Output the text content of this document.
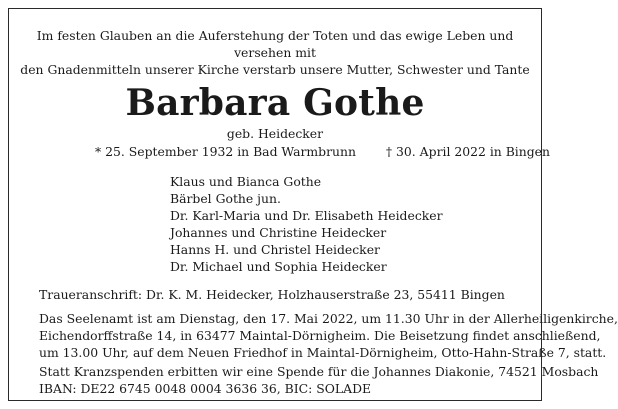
Im festen Glauben an die Auferstehung der Toten und das ewige Leben und versehen mit
den Gnadenmitteln unserer Kirche verstarb unsere Mutter, Schwester und Tante
Barbara Gothe
geb. Heidecker
* 25. September 1932 in Bad Warmbrunn † 30. April 2022 in Bingen
Klaus und Bianca Gothe
Bärbel Gothe jun.
Dr. Karl-Maria und Dr. Elisabeth Heidecker
Johannes und Christine Heidecker
Hanns H. und Christel Heidecker
Dr. Michael und Sophia Heidecker
Traueranschrift: Dr. K. M. Heidecker, Holzhauserstraße 23, 55411 Bingen
Das Seelenamt ist am Dienstag, den 17. Mai 2022, um 11.30 Uhr in der Allerheiligenkirche,
Eichendorffstraße 14, in 63477 Maintal-Dörnigheim. Die Beisetzung findet anschließend,
um 13.00 Uhr, auf dem Neuen Friedhof in Maintal-Dörnigheim, Otto-Hahn-Straße 7, statt.
Statt Kranzspenden erbitten wir eine Spende für die Johannes Diakonie, 74521 Mosbach
IBAN: DE22 6745 0048 0004 3636 36, BIC: SOLADE
